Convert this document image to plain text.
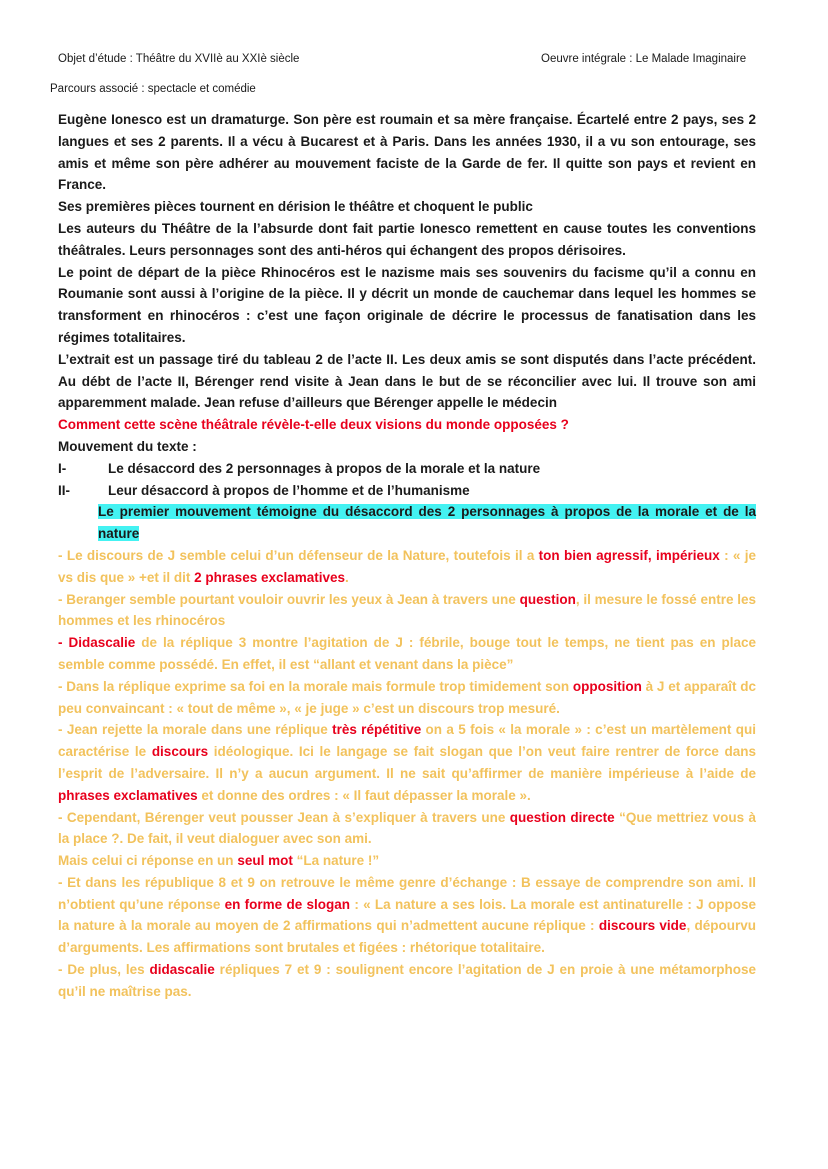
Objet d’étude : Théâtre du XVIIè au XXIè siècle	Oeuvre intégrale : Le Malade Imaginaire
Parcours associé : spectacle et comédie

Eugène Ionesco est un dramaturge. Son père est roumain et sa mère française. Écartelé entre 2 pays, ses 2 langues et ses 2 parents. Il a vécu à Bucarest et à Paris. Dans les années 1930, il a vu son entourage, ses amis et même son père adhérer au mouvement faciste de la Garde de fer. Il quitte son pays et revient en France.

Ses premières pièces tournent en dérision le théâtre et choquent le public

Les auteurs du Théâtre de la l’absurde dont fait partie Ionesco remettent en cause toutes les conventions théâtrales. Leurs personnages sont des anti-héros qui échangent des propos dérisoires.

Le point de départ de la pièce Rhinocéros est le nazisme mais ses souvenirs du facisme qu’il a connu en Roumanie sont aussi à l’origine de la pièce. Il y décrit un monde de cauchemar dans lequel les hommes se transforment en rhinocéros : c’est une façon originale de décrire le processus de fanatisation dans les régimes totalitaires.

L’extrait est un passage tiré du tableau 2 de l’acte II. Les deux amis se sont disputés dans l’acte précédent. Au débt de l’acte II, Bérenger rend visite à Jean dans le but de se réconcilier avec lui. Il trouve son ami apparemment malade. Jean refuse d’ailleurs que Bérenger appelle le médecin

Comment cette scène théâtrale révèle-t-elle deux visions du monde opposées ?

Mouvement du texte :

I-	Le désaccord des 2 personnages à propos de la morale et la nature
II-	Leur désaccord à propos de l’homme et de l’humanisme

Le premier mouvement témoigne du désaccord des 2 personnages à propos de la morale et de la nature

- Le discours de J semble celui d’un défenseur de la Nature, toutefois il a ton bien agressif, impérieux : « je vs dis que » +et il dit 2 phrases exclamatives.

- Beranger semble pourtant vouloir ouvrir les yeux à Jean à travers une question, il mesure le fossé entre les hommes et les rhinocéros

- Didascalie de la réplique 3 montre l’agitation de J : fébrile, bouge tout le temps, ne tient pas en place semble comme possédé. En effet, il est “allant et venant dans la pièce”

- Dans la réplique exprime sa foi en la morale mais formule trop timidement son opposition à J et apparaît dc peu convaincant : « tout de même », « je juge » c’est un discours trop mesuré.

- Jean rejette la morale dans une réplique très répétitive on a 5 fois « la morale » : c’est un martèlement qui caractérise le discours idéologique. Ici le langage se fait slogan que l’on veut faire rentrer de force dans l’esprit de l’adversaire. Il n’y a aucun argument. Il ne sait qu’affirmer de manière impérieuse à l’aide de phrases exclamatives et donne des ordres : « Il faut dépasser la morale ».

- Cependant, Bérenger veut pousser Jean à s’expliquer à travers une question directe “Que mettriez vous à la place ?. De fait, il veut dialoguer avec son ami.

Mais celui ci réponse en un seul mot “La nature !”

- Et dans les république 8 et 9 on retrouve le même genre d’échange : B essaye de comprendre son ami. Il n’obtient qu’une réponse en forme de slogan : « La nature a ses lois. La morale est antinaturelle : J oppose la nature à la morale au moyen de 2 affirmations qui n’admettent aucune réplique : discours vide, dépourvu d’arguments. Les affirmations sont brutales et figées : rhétorique totalitaire.

- De plus, les didascalie répliques 7 et 9 : soulignent encore l’agitation de J en proie à une métamorphose qu’il ne maîtrise pas.
